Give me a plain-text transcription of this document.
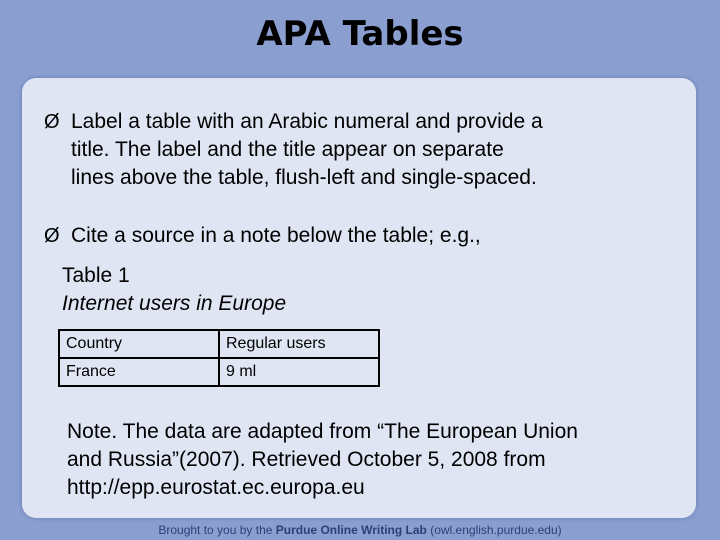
APA Tables
Ø Label a table with an Arabic numeral and provide a
title. The label and the title appear on separate
lines above the table, flush-left and single-spaced.
Ø Cite a source in a note below the table; e.g.,
Table 1
Internet users in Europe
Country	Regular users
France	9 ml
Note. The data are adapted from “The European Union
and Russia”(2007). Retrieved October 5, 2008 from
http://epp.eurostat.ec.europa.eu
Brought to you by the Purdue Online Writing Lab (owl.english.purdue.edu)
